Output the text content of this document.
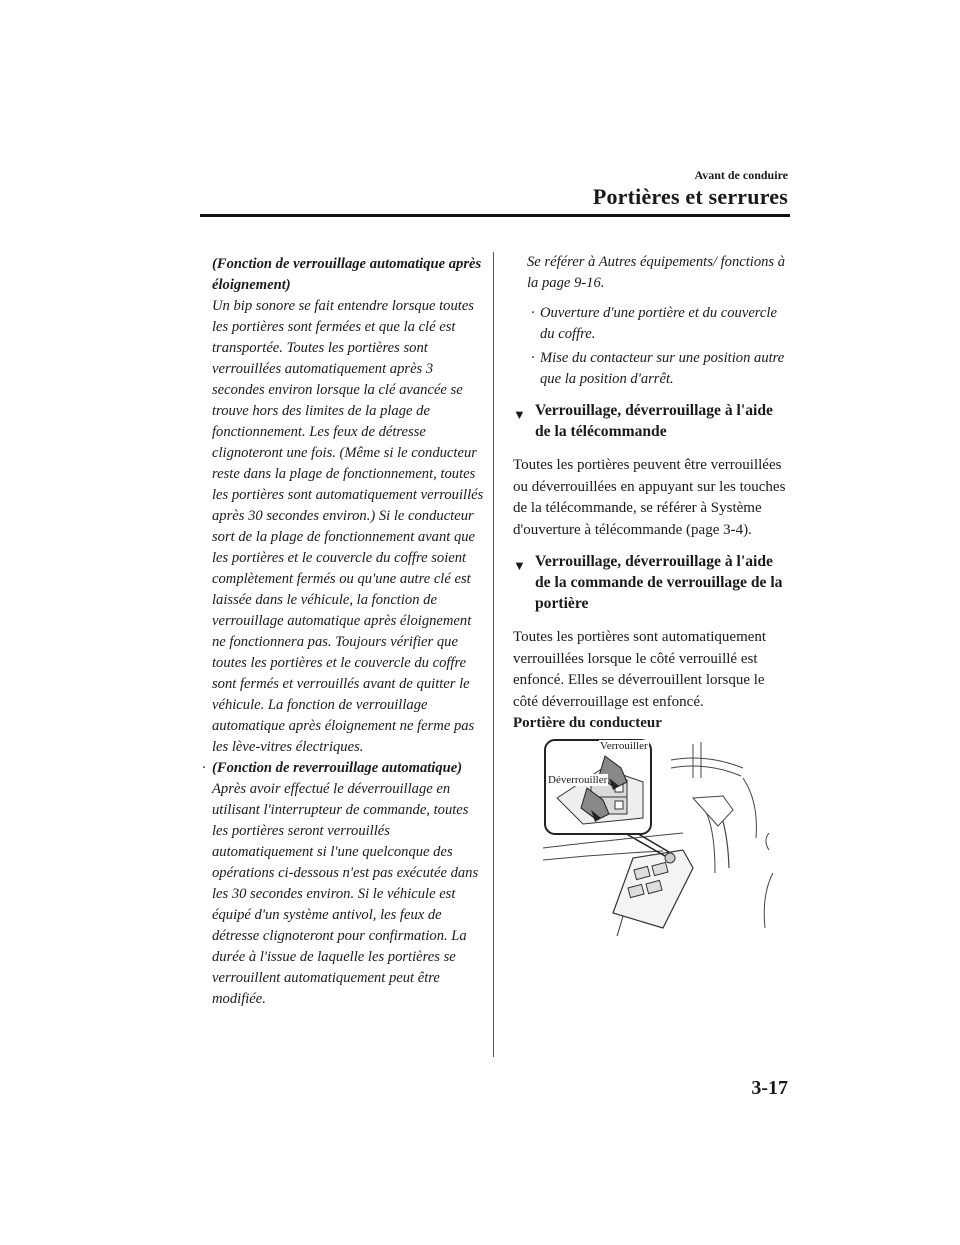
Avant de conduire
Portières et serrures

(Fonction de verrouillage automatique après éloignement)

Un bip sonore se fait entendre lorsque toutes les portières sont fermées et que la clé est transportée. Toutes les portières sont verrouillées automatiquement après 3 secondes environ lorsque la clé avancée se trouve hors des limites de la plage de fonctionnement. Les feux de détresse clignoteront une fois. (Même si le conducteur reste dans la plage de fonctionnement, toutes les portières sont automatiquement verrouillés après 30 secondes environ.) Si le conducteur sort de la plage de fonctionnement avant que les portières et le couvercle du coffre soient complètement fermés ou qu'une autre clé est laissée dans le véhicule, la fonction de verrouillage automatique après éloignement ne fonctionnera pas. Toujours vérifier que toutes les portières et le couvercle du coffre sont fermés et verrouillés avant de quitter le véhicule. La fonction de verrouillage automatique après éloignement ne ferme pas les lève-vitres électriques.

· (Fonction de reverrouillage automatique)

Après avoir effectué le déverrouillage en utilisant l'interrupteur de commande, toutes les portières seront verrouillés automatiquement si l'une quelconque des opérations ci-dessous n'est pas exécutée dans les 30 secondes environ. Si le véhicule est équipé d'un système antivol, les feux de détresse clignoteront pour confirmation. La durée à l'issue de laquelle les portières se verrouillent automatiquement peut être modifiée.

Se référer à Autres équipements/ fonctions à la page 9-16.

· Ouverture d'une portière et du couvercle du coffre.
· Mise du contacteur sur une position autre que la position d'arrêt.
▼ Verrouillage, déverrouillage à l'aide de la télécommande

Toutes les portières peuvent être verrouillées ou déverrouillées en appuyant sur les touches de la télécommande, se référer à Système d'ouverture à télécommande (page 3-4).

▼ Verrouillage, déverrouillage à l'aide de la commande de verrouillage de la portière

Toutes les portières sont automatiquement verrouillées lorsque le côté verrouillé est enfoncé. Elles se déverrouillent lorsque le côté déverrouillage est enfoncé.

Portière du conducteur

Verrouiller
Déverrouiller
3-17
